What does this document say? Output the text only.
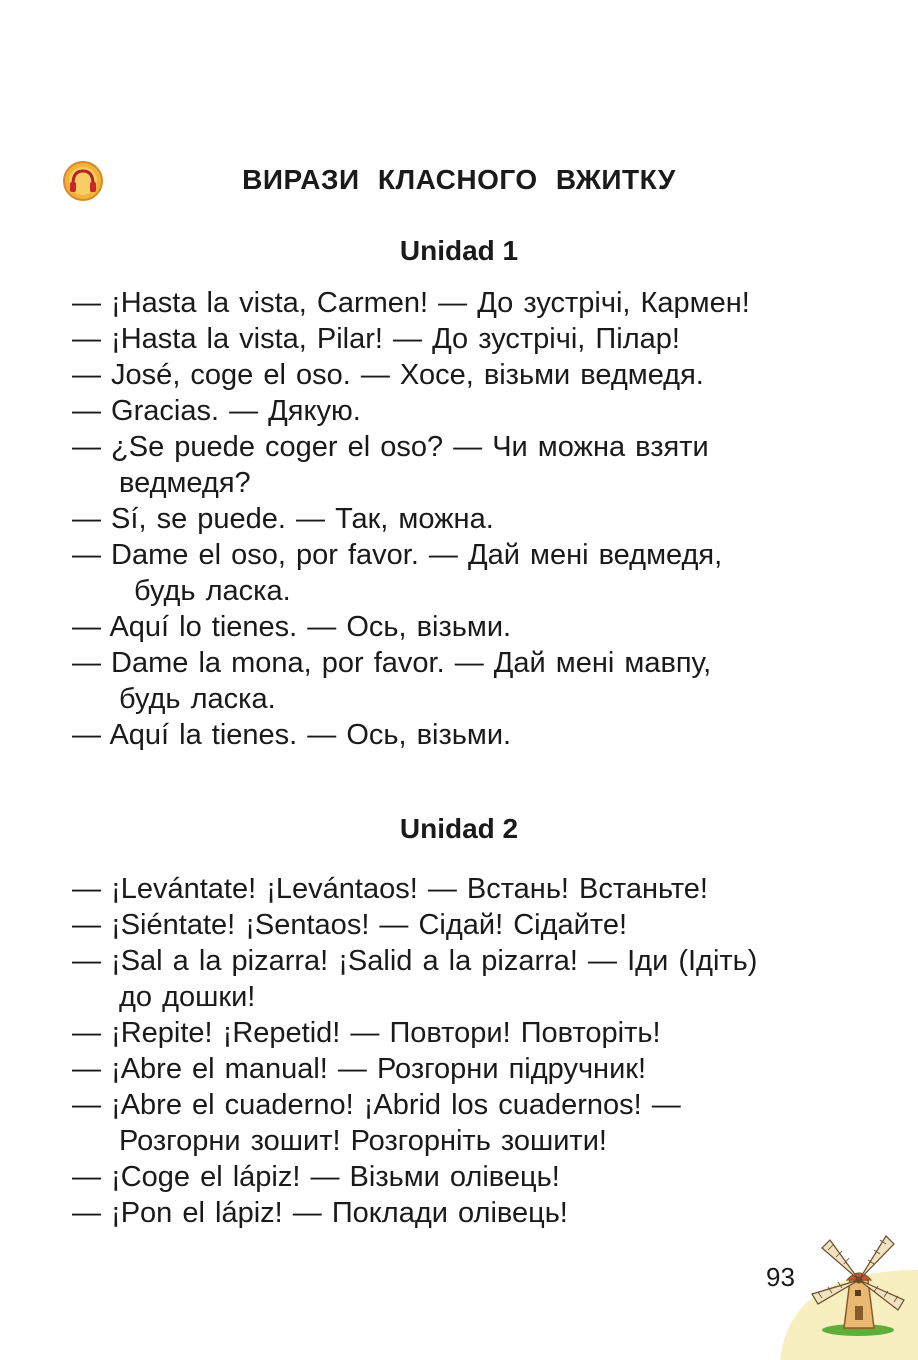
ВИРАЗИ КЛАСНОГО ВЖИТКУ
Unidad 1
— ¡Hasta la vista, Carmen! — До зустрічі, Кармен!
— ¡Hasta la vista, Pilar! — До зустрічі, Пілар!
— José, coge el oso. — Хосе, візьми ведмедя.
— Gracias. — Дякую.
— ¿Se puede coger el oso? — Чи можна взяти
ведмедя?
— Sí, se puede. — Так, можна.
— Dame el oso, por favor. — Дай мені ведмедя,
будь ласка.
— Aquí lo tienes. — Ось, візьми.
— Dame la mona, por favor. — Дай мені мавпу,
будь ласка.
— Aquí la tienes. — Ось, візьми.
Unidad 2
— ¡Levántate! ¡Levántaos! — Встань! Встаньте!
— ¡Siéntate! ¡Sentaos! — Сідай! Сідайте!
— ¡Sal a la pizarra! ¡Salid a la pizarra! — Іди (Ідіть)
до дошки!
— ¡Repite! ¡Repetid! — Повтори! Повторіть!
— ¡Abre el manual! — Розгорни підручник!
— ¡Abre el cuaderno! ¡Abrid los cuadernos! —
Розгорни зошит! Розгорніть зошити!
— ¡Coge el lápiz! — Візьми олівець!
— ¡Pon el lápiz! — Поклади олівець!
93
